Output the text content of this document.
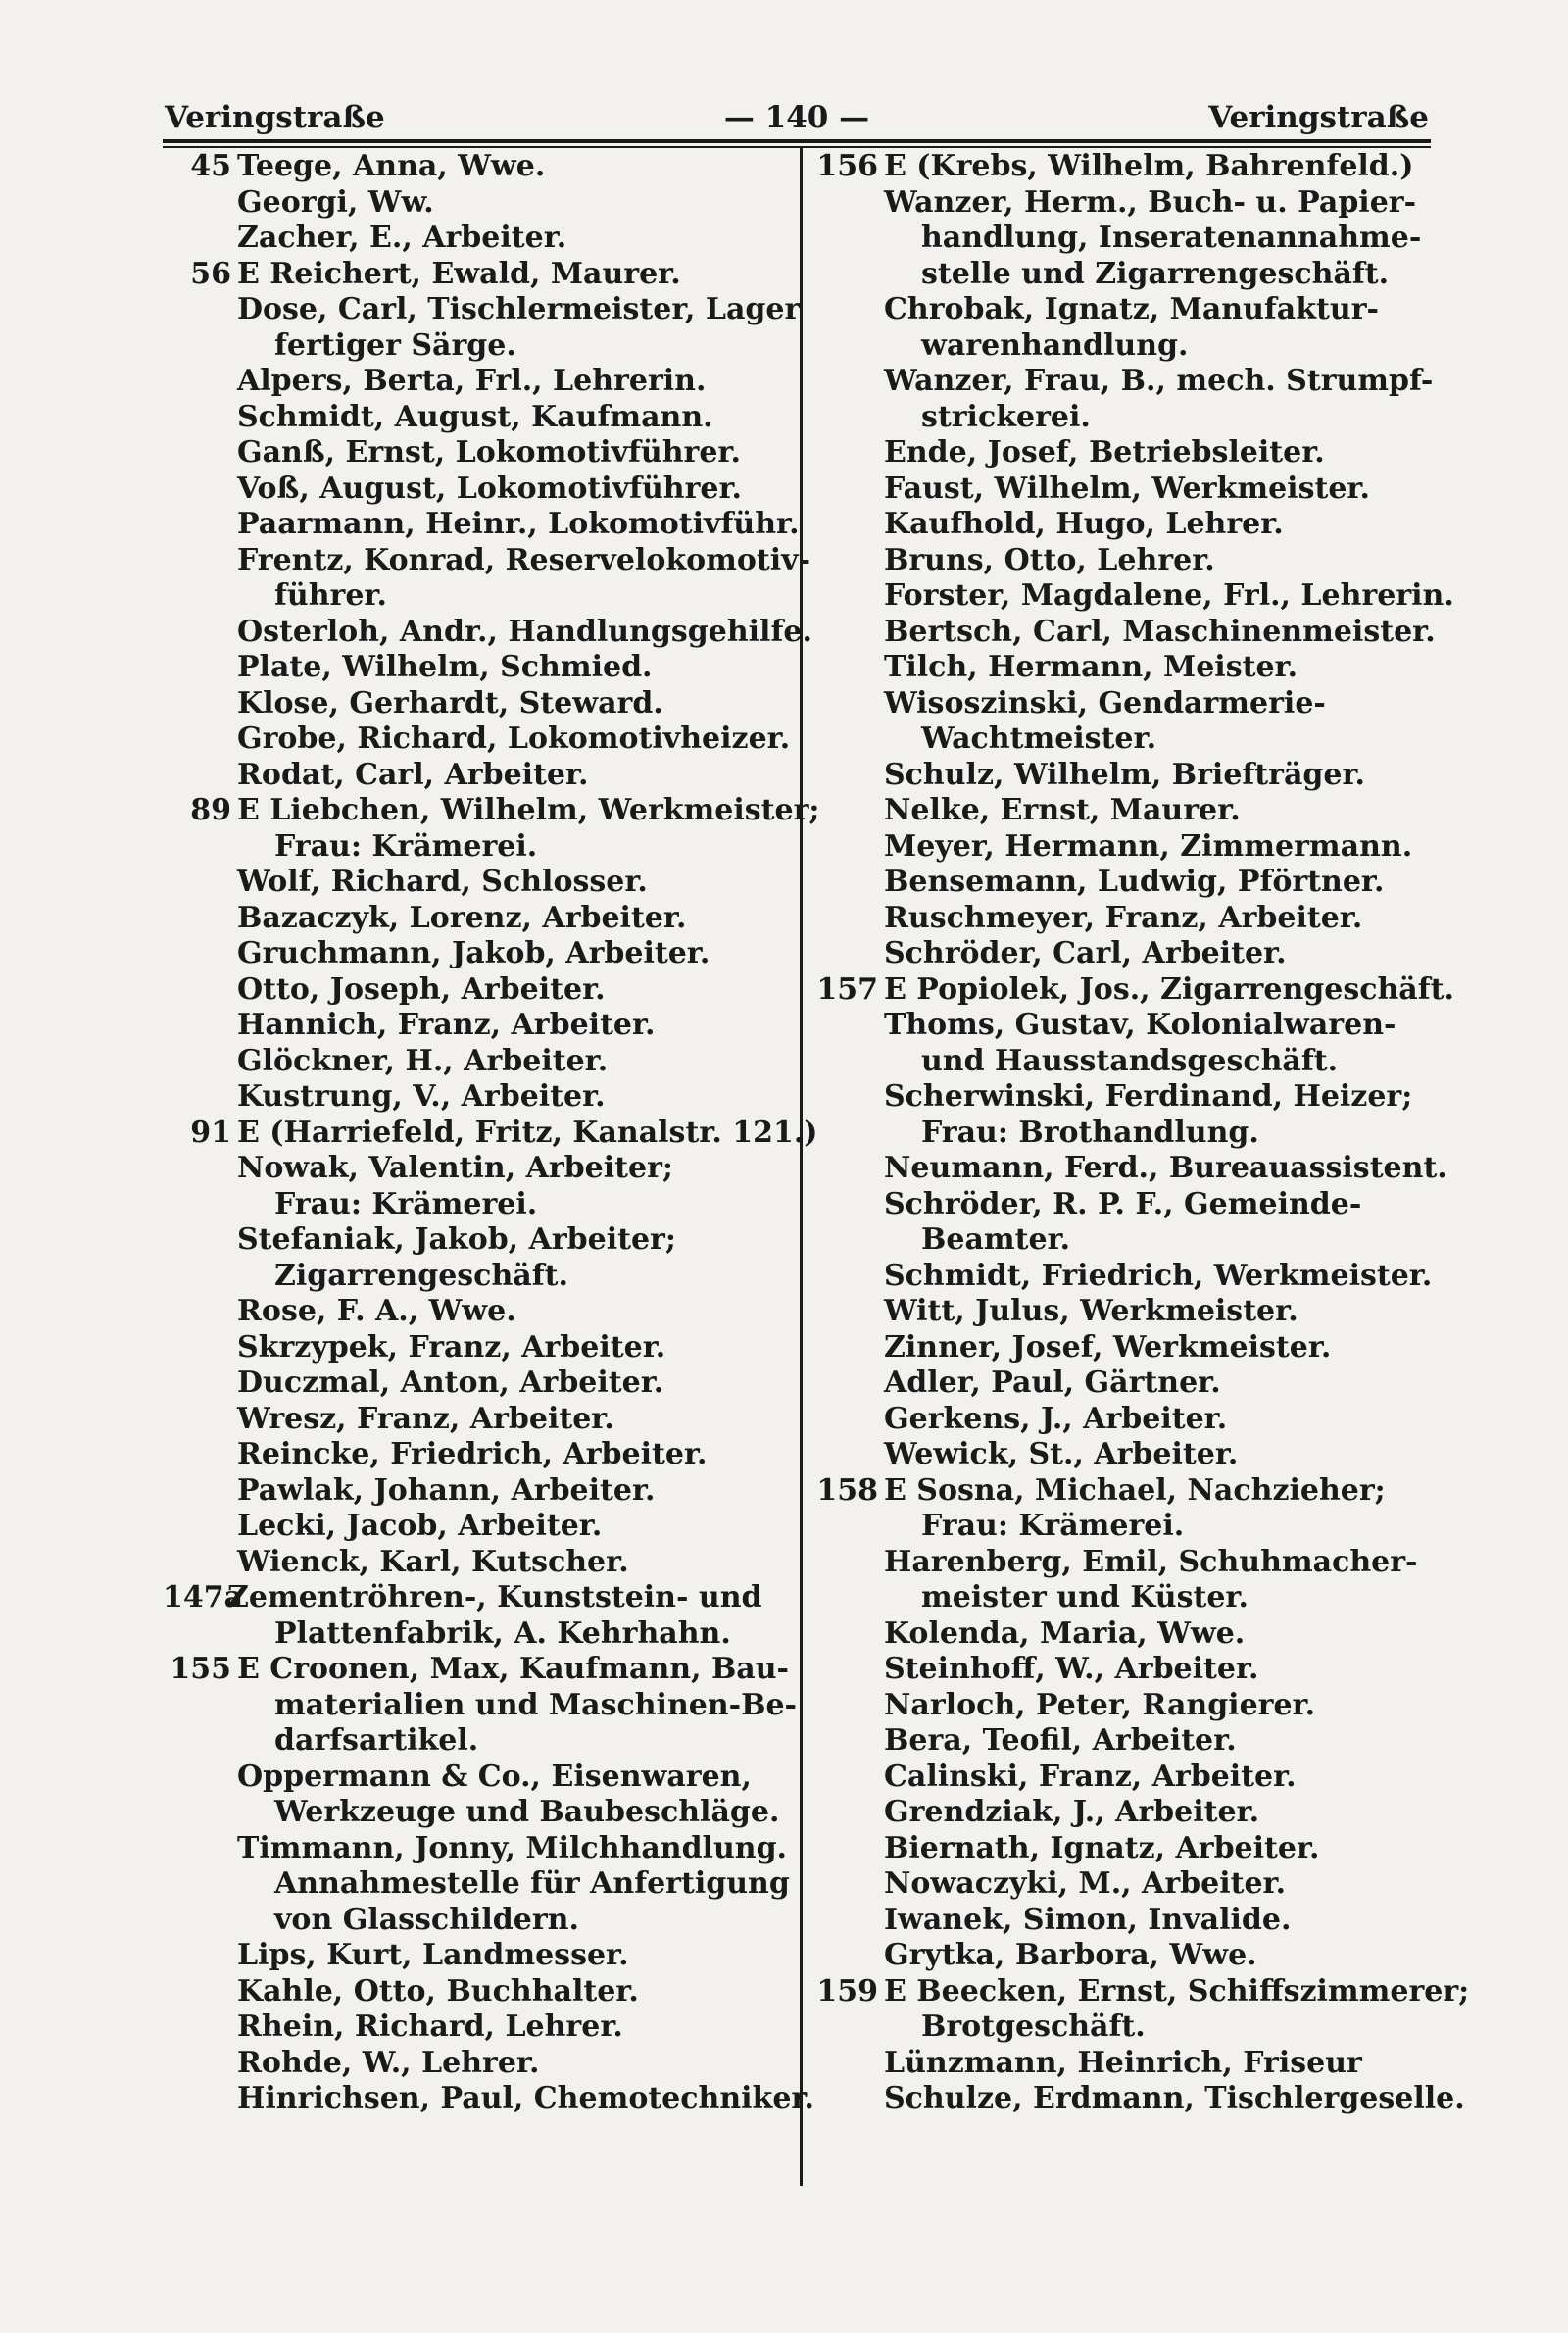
Veringstraße	— 140 —	Veringstraße
45 Teege, Anna, Wwe.
Georgi, Ww.
Zacher, E., Arbeiter.
56 E Reichert, Ewald, Maurer.
Dose, Carl, Tischlermeister, Lager
fertiger Särge.
Alpers, Berta, Frl., Lehrerin.
Schmidt, August, Kaufmann.
Ganß, Ernst, Lokomotivführer.
Voß, August, Lokomotivführer.
Paarmann, Heinr., Lokomotivführ.
Frentz, Konrad, Reservelokomotiv-
führer.
Osterloh, Andr., Handlungsgehilfe.
Plate, Wilhelm, Schmied.
Klose, Gerhardt, Steward.
Grobe, Richard, Lokomotivheizer.
Rodat, Carl, Arbeiter.
89 E Liebchen, Wilhelm, Werkmeister;
Frau: Krämerei.
Wolf, Richard, Schlosser.
Bazaczyk, Lorenz, Arbeiter.
Gruchmann, Jakob, Arbeiter.
Otto, Joseph, Arbeiter.
Hannich, Franz, Arbeiter.
Glöckner, H., Arbeiter.
Kustrung, V., Arbeiter.
91 E (Harriefeld, Fritz, Kanalstr. 121.)
Nowak, Valentin, Arbeiter;
Frau: Krämerei.
Stefaniak, Jakob, Arbeiter;
Zigarrengeschäft.
Rose, F. A., Wwe.
Skrzypek, Franz, Arbeiter.
Duczmal, Anton, Arbeiter.
Wresz, Franz, Arbeiter.
Reincke, Friedrich, Arbeiter.
Pawlak, Johann, Arbeiter.
Lecki, Jacob, Arbeiter.
Wienck, Karl, Kutscher.
147a
Zementröhren-, Kunststein- und
Plattenfabrik, A. Kehrhahn.
155 E Croonen, Max, Kaufmann, Bau-
materialien und Maschinen-Be-
darfsartikel.
Oppermann & Co., Eisenwaren,
Werkzeuge und Baubeschläge.
Timmann, Jonny, Milchhandlung.
Annahmestelle für Anfertigung
von Glasschildern.
Lips, Kurt, Landmesser.
Kahle, Otto, Buchhalter.
Rhein, Richard, Lehrer.
Rohde, W., Lehrer.
Hinrichsen, Paul, Chemotechniker.
156 E (Krebs, Wilhelm, Bahrenfeld.)
Wanzer, Herm., Buch- u. Papier-
handlung, Inseratenannahme-
stelle und Zigarrengeschäft.
Chrobak, Ignatz, Manufaktur-
warenhandlung.
Wanzer, Frau, B., mech. Strumpf-
strickerei.
Ende, Josef, Betriebsleiter.
Faust, Wilhelm, Werkmeister.
Kaufhold, Hugo, Lehrer.
Bruns, Otto, Lehrer.
Forster, Magdalene, Frl., Lehrerin.
Bertsch, Carl, Maschinenmeister.
Tilch, Hermann, Meister.
Wisoszinski, Gendarmerie-
Wachtmeister.
Schulz, Wilhelm, Briefträger.
Nelke, Ernst, Maurer.
Meyer, Hermann, Zimmermann.
Bensemann, Ludwig, Pförtner.
Ruschmeyer, Franz, Arbeiter.
Schröder, Carl, Arbeiter.
157 E Popiolek, Jos., Zigarrengeschäft.
Thoms, Gustav, Kolonialwaren-
und Hausstandsgeschäft.
Scherwinski, Ferdinand, Heizer;
Frau: Brothandlung.
Neumann, Ferd., Bureauassistent.
Schröder, R. P. F., Gemeinde-
Beamter.
Schmidt, Friedrich, Werkmeister.
Witt, Julus, Werkmeister.
Zinner, Josef, Werkmeister.
Adler, Paul, Gärtner.
Gerkens, J., Arbeiter.
Wewick, St., Arbeiter.
158 E Sosna, Michael, Nachzieher;
Frau: Krämerei.
Harenberg, Emil, Schuhmacher-
meister und Küster.
Kolenda, Maria, Wwe.
Steinhoff, W., Arbeiter.
Narloch, Peter, Rangierer.
Bera, Teofil, Arbeiter.
Calinski, Franz, Arbeiter.
Grendziak, J., Arbeiter.
Biernath, Ignatz, Arbeiter.
Nowaczyki, M., Arbeiter.
Iwanek, Simon, Invalide.
Grytka, Barbora, Wwe.
159 E Beecken, Ernst, Schiffszimmerer;
Brotgeschäft.
Lünzmann, Heinrich, Friseur
Schulze, Erdmann, Tischlergeselle.
